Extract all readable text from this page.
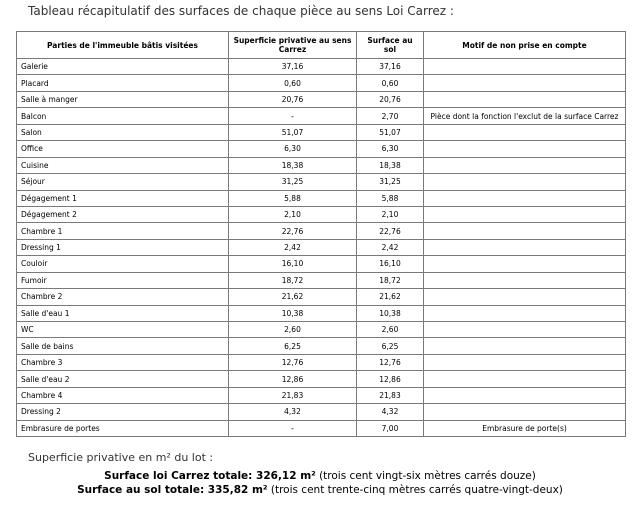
Tableau récapitulatif des surfaces de chaque pièce au sens Loi Carrez :
Parties de l'immeuble bâtis visitées	Superficie privative au sens Carrez	Surface au sol	Motif de non prise en compte
Galerie	37,16	37,16	
Placard	0,60	0,60	
Salle à manger	20,76	20,76	
Balcon	-	2,70	Pièce dont la fonction l'exclut de la surface Carrez
Salon	51,07	51,07	
Office	6,30	6,30	
Cuisine	18,38	18,38	
Séjour	31,25	31,25	
Dégagement 1	5,88	5,88	
Dégagement 2	2,10	2,10	
Chambre 1	22,76	22,76	
Dressing 1	2,42	2,42	
Couloir	16,10	16,10	
Fumoir	18,72	18,72	
Chambre 2	21,62	21,62	
Salle d'eau 1	10,38	10,38	
WC	2,60	2,60	
Salle de bains	6,25	6,25	
Chambre 3	12,76	12,76	
Salle d'eau 2	12,86	12,86	
Chambre 4	21,83	21,83	
Dressing 2	4,32	4,32	
Embrasure de portes	-	7,00	Embrasure de porte(s)
Superficie privative en m² du lot :
Surface loi Carrez totale: 326,12 m² (trois cent vingt-six mètres carrés douze)
Surface au sol totale: 335,82 m² (trois cent trente-cinq mètres carrés quatre-vingt-deux)
